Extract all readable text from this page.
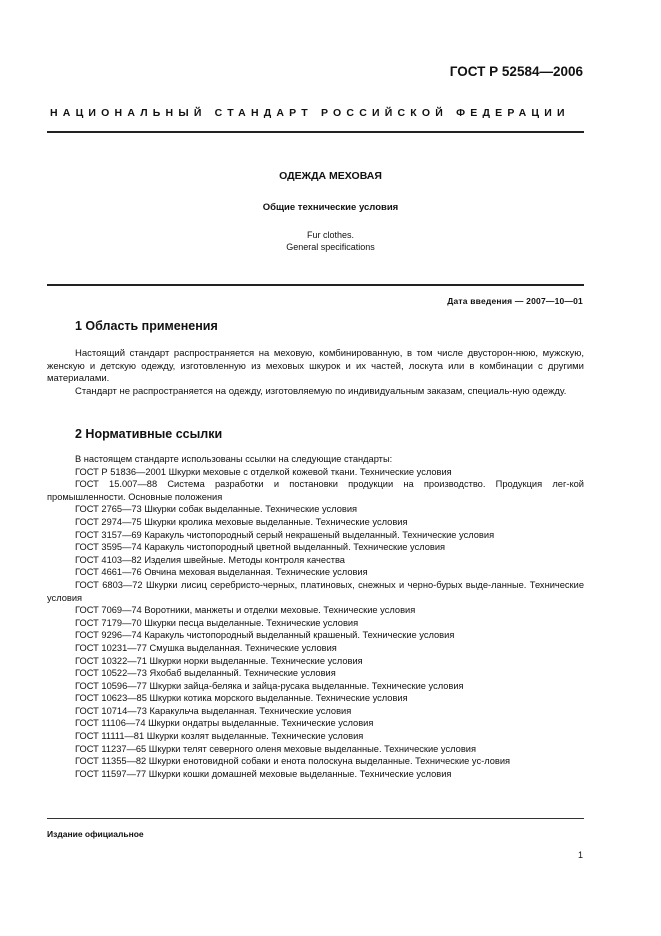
ГОСТ Р 52584—2006
НАЦИОНАЛЬНЫЙ СТАНДАРТ РОССИЙСКОЙ ФЕДЕРАЦИИ
ОДЕЖДА МЕХОВАЯ
Общие технические условия
Fur clothes.
General specifications
Дата введения — 2007—10—01
1 Область применения

Настоящий стандарт распространяется на меховую, комбинированную, в том числе двусторон-нюю, мужскую, женскую и детскую одежду, изготовленную из меховых шкурок и их частей, лоскута или в комбинации с другими материалами.

Стандарт не распространяется на одежду, изготовляемую по индивидуальным заказам, специаль-ную одежду.

2 Нормативные ссылки
В настоящем стандарте использованы ссылки на следующие стандарты:
ГОСТ Р 51836—2001 Шкурки меховые с отделкой кожевой ткани. Технические условия
ГОСТ 15.007—88 Система разработки и постановки продукции на производство. Продукция лег-кой промышленности. Основные положения
ГОСТ 2765—73 Шкурки собак выделанные. Технические условия
ГОСТ 2974—75 Шкурки кролика меховые выделанные. Технические условия
ГОСТ 3157—69 Каракуль чистопородный серый некрашеный выделанный. Технические условия
ГОСТ 3595—74 Каракуль чистопородный цветной выделанный. Технические условия
ГОСТ 4103—82 Изделия швейные. Методы контроля качества
ГОСТ 4661—76 Овчина меховая выделанная. Технические условия
ГОСТ 6803—72 Шкурки лисиц серебристо-черных, платиновых, снежных и черно-бурых выде-ланные. Технические условия
ГОСТ 7069—74 Воротники, манжеты и отделки меховые. Технические условия
ГОСТ 7179—70 Шкурки песца выделанные. Технические условия
ГОСТ 9296—74 Каракуль чистопородный выделанный крашеный. Технические условия
ГОСТ 10231—77 Смушка выделанная. Технические условия
ГОСТ 10322—71 Шкурки норки выделанные. Технические условия
ГОСТ 10522—73 Яхобаб выделанный. Технические условия
ГОСТ 10596—77 Шкурки зайца-беляка и зайца-русака выделанные. Технические условия
ГОСТ 10623—85 Шкурки котика морского выделанные. Технические условия
ГОСТ 10714—73 Каракульча выделанная. Технические условия
ГОСТ 11106—74 Шкурки ондатры выделанные. Технические условия
ГОСТ 11111—81 Шкурки козлят выделанные. Технические условия
ГОСТ 11237—65 Шкурки телят северного оленя меховые выделанные. Технические условия
ГОСТ 11355—82 Шкурки енотовидной собаки и енота полоскуна выделанные. Технические ус-ловия
ГОСТ 11597—77 Шкурки кошки домашней меховые выделанные. Технические условия
Издание официальное
1
